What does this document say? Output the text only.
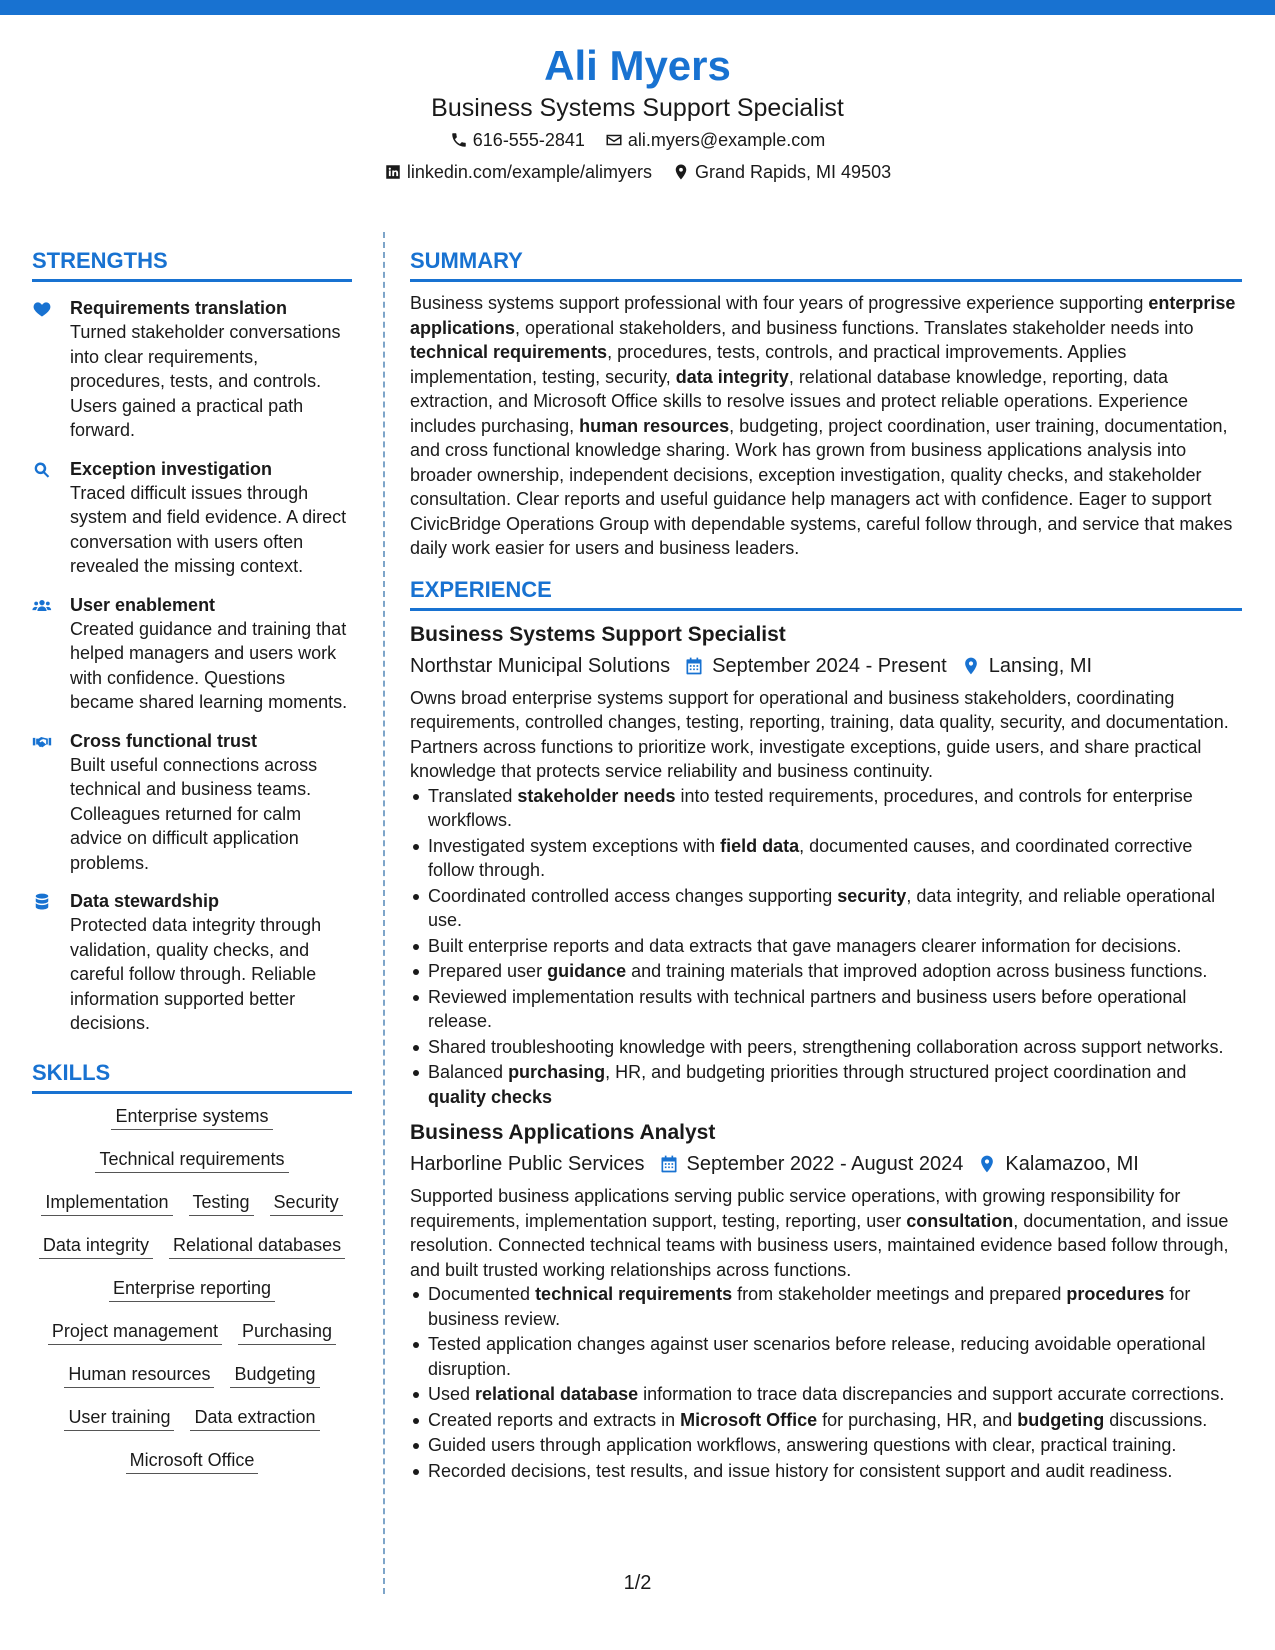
Ali Myers
Business Systems Support Specialist
616-555-2841 ali.myers@example.com
linkedin.com/example/alimyers Grand Rapids, MI 49503
STRENGTHS
Requirements translation
Turned stakeholder conversations into clear requirements, procedures, tests, and controls. Users gained a practical path forward.
Exception investigation
Traced difficult issues through system and field evidence. A direct conversation with users often revealed the missing context.
User enablement
Created guidance and training that helped managers and users work with confidence. Questions became shared learning moments.
Cross functional trust
Built useful connections across technical and business teams. Colleagues returned for calm advice on difficult application problems.
Data stewardship
Protected data integrity through validation, quality checks, and careful follow through. Reliable information supported better decisions.
SKILLS
Enterprise systems
Technical requirements
Implementation Testing Security
Data integrity Relational databases
Enterprise reporting
Project management Purchasing
Human resources Budgeting
User training Data extraction
Microsoft Office
SUMMARY
Business systems support professional with four years of progressive experience supporting enterprise applications, operational stakeholders, and business functions. Translates stakeholder needs into technical requirements, procedures, tests, controls, and practical improvements. Applies implementation, testing, security, data integrity, relational database knowledge, reporting, data extraction, and Microsoft Office skills to resolve issues and protect reliable operations. Experience includes purchasing, human resources, budgeting, project coordination, user training, documentation, and cross functional knowledge sharing. Work has grown from business applications analysis into broader ownership, independent decisions, exception investigation, quality checks, and stakeholder consultation. Clear reports and useful guidance help managers act with confidence. Eager to support CivicBridge Operations Group with dependable systems, careful follow through, and service that makes daily work easier for users and business leaders.
EXPERIENCE
Business Systems Support Specialist
Northstar Municipal Solutions September 2024 - Present Lansing, MI
Owns broad enterprise systems support for operational and business stakeholders, coordinating requirements, controlled changes, testing, reporting, training, data quality, security, and documentation. Partners across functions to prioritize work, investigate exceptions, guide users, and share practical knowledge that protects service reliability and business continuity.
Translated stakeholder needs into tested requirements, procedures, and controls for enterprise workflows.
Investigated system exceptions with field data, documented causes, and coordinated corrective follow through.
Coordinated controlled access changes supporting security, data integrity, and reliable operational use.
Built enterprise reports and data extracts that gave managers clearer information for decisions.
Prepared user guidance and training materials that improved adoption across business functions.
Reviewed implementation results with technical partners and business users before operational release.
Shared troubleshooting knowledge with peers, strengthening collaboration across support networks.
Balanced purchasing, HR, and budgeting priorities through structured project coordination and quality checks
Business Applications Analyst
Harborline Public Services September 2022 - August 2024 Kalamazoo, MI
Supported business applications serving public service operations, with growing responsibility for requirements, implementation support, testing, reporting, user consultation, documentation, and issue resolution. Connected technical teams with business users, maintained evidence based follow through, and built trusted working relationships across functions.
Documented technical requirements from stakeholder meetings and prepared procedures for business review.
Tested application changes against user scenarios before release, reducing avoidable operational disruption.
Used relational database information to trace data discrepancies and support accurate corrections.
Created reports and extracts in Microsoft Office for purchasing, HR, and budgeting discussions.
Guided users through application workflows, answering questions with clear, practical training.
Recorded decisions, test results, and issue history for consistent support and audit readiness.
1/2
